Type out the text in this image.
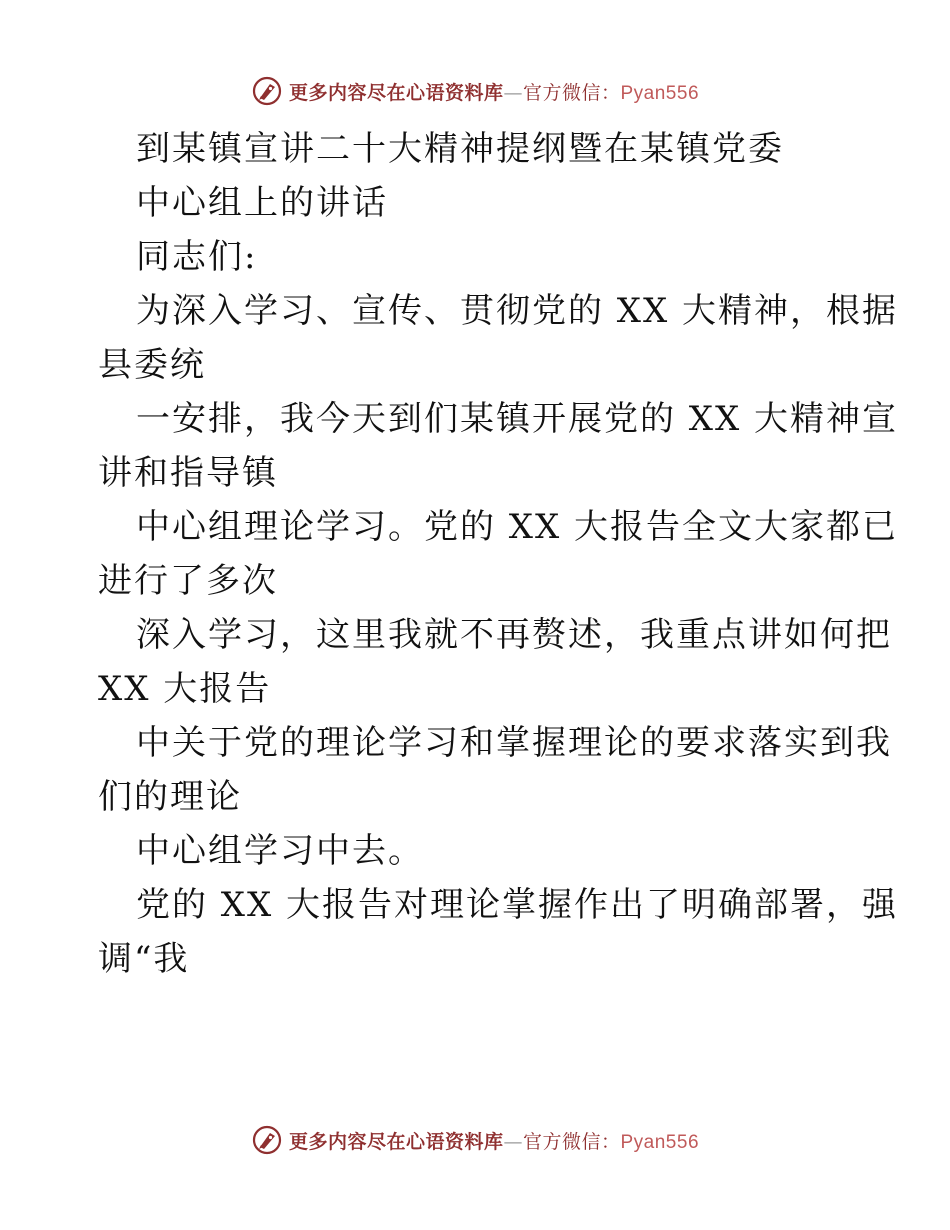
更多内容尽在心语资料库—官方微信：Pyan556
到某镇宣讲二十大精神提纲暨在某镇党委
中心组上的讲话
同志们:
为深入学习、宣传、贯彻党的 XX 大精神，根据
县委统
一安排，我今天到们某镇开展党的 XX 大精神宣
讲和指导镇
中心组理论学习。党的 XX 大报告全文大家都已
进行了多次
深入学习，这里我就不再赘述，我重点讲如何把
XX 大报告
中关于党的理论学习和掌握理论的要求落实到我
们的理论
中心组学习中去。
党的 XX 大报告对理论掌握作出了明确部署，强
调“我
更多内容尽在心语资料库—官方微信：Pyan556
